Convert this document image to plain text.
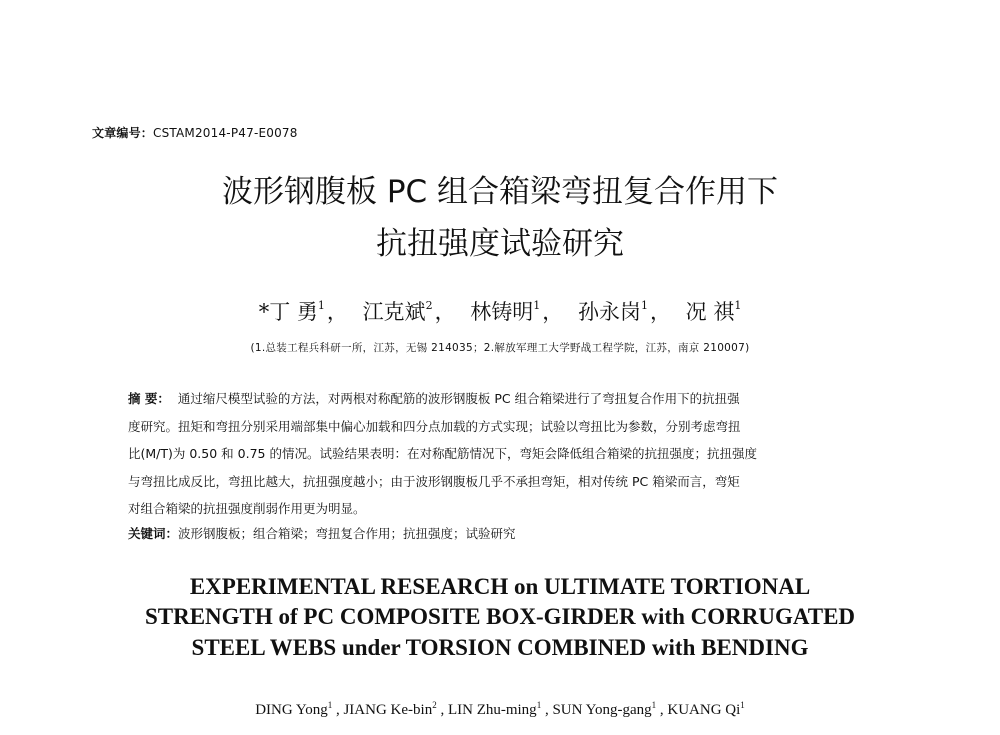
文章编号：CSTAM2014-P47-E0078
波形钢腹板 PC 组合箱梁弯扭复合作用下
抗扭强度试验研究
*丁 勇$^1$， 江克斌$^2$， 林铸明$^1$， 孙永岗$^1$， 况 祺$^1$
(1.总装工程兵科研一所，江苏，无锡 214035；2.解放军理工大学野战工程学院，江苏，南京 210007)
摘 要： 通过缩尺模型试验的方法，对两根对称配筋的波形钢腹板 PC 组合箱梁进行了弯扭复合作用下的抗扭强
度研究。扭矩和弯扭分别采用端部集中偏心加载和四分点加载的方式实现；试验以弯扭比为参数，分别考虑弯扭
比(M/T)为 0.50 和 0.75 的情况。试验结果表明：在对称配筋情况下，弯矩会降低组合箱梁的抗扭强度；抗扭强度
与弯扭比成反比，弯扭比越大，抗扭强度越小；由于波形钢腹板几乎不承担弯矩，相对传统 PC 箱梁而言，弯矩
对组合箱梁的抗扭强度削弱作用更为明显。
关键词：波形钢腹板；组合箱梁；弯扭复合作用；抗扭强度；试验研究
EXPERIMENTAL RESEARCH on ULTIMATE TORTIONAL
STRENGTH of PC COMPOSITE BOX-GIRDER with CORRUGATED
STEEL WEBS under TORSION COMBINED with BENDING
DING Yong$^1$ , JIANG Ke-bin$^2$ , LIN Zhu-ming$^1$ , SUN Yong-gang$^1$ , KUANG Qi$^1$
